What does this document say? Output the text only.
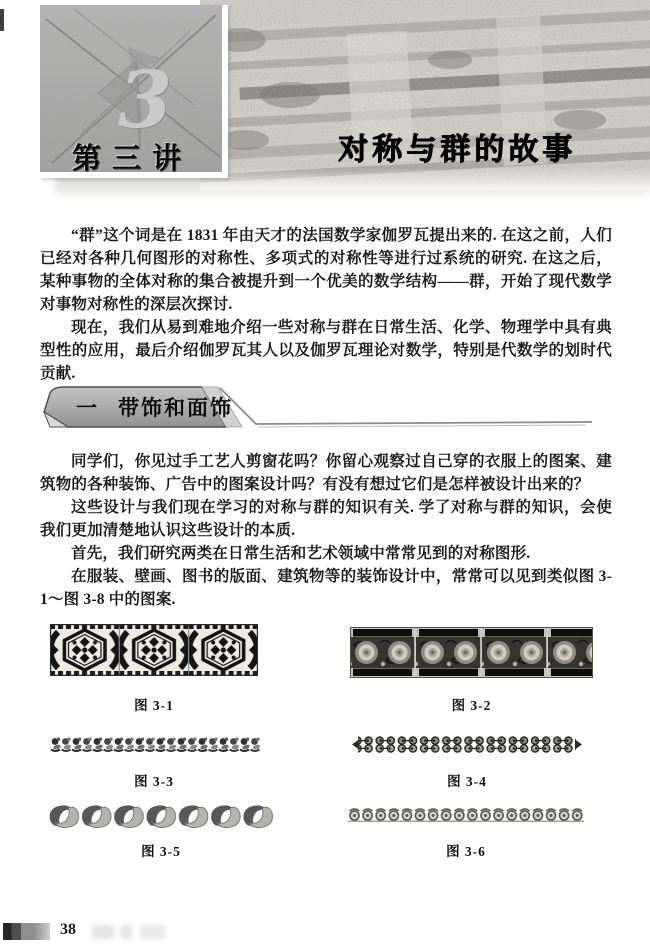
对称与群的故事
3
第三讲

“群”这个词是在 1831 年由天才的法国数学家伽罗瓦提出来的. 在这之前，人们已经对各种几何图形的对称性、多项式的对称性等进行过系统的研究. 在这之后，某种事物的全体对称的集合被提升到一个优美的数学结构——群，开始了现代数学对事物对称性的深层次探讨.

现在，我们从易到难地介绍一些对称与群在日常生活、化学、物理学中具有典型性的应用，最后介绍伽罗瓦其人以及伽罗瓦理论对数学，特别是代数学的划时代贡献.

一 带饰和面饰

同学们，你见过手工艺人剪窗花吗？你留心观察过自己穿的衣服上的图案、建筑物的各种装饰、广告中的图案设计吗？有没有想过它们是怎样被设计出来的？

这些设计与我们现在学习的对称与群的知识有关. 学了对称与群的知识，会使我们更加清楚地认识这些设计的本质.

首先，我们研究两类在日常生活和艺术领域中常常见到的对称图形.

在服装、壁画、图书的版面、建筑物等的装饰设计中，常常可以见到类似图 3-1～图 3-8 中的图案.

图 3-1	图 3-2
图 3-3	图 3-4
图 3-5	图 3-6
38
